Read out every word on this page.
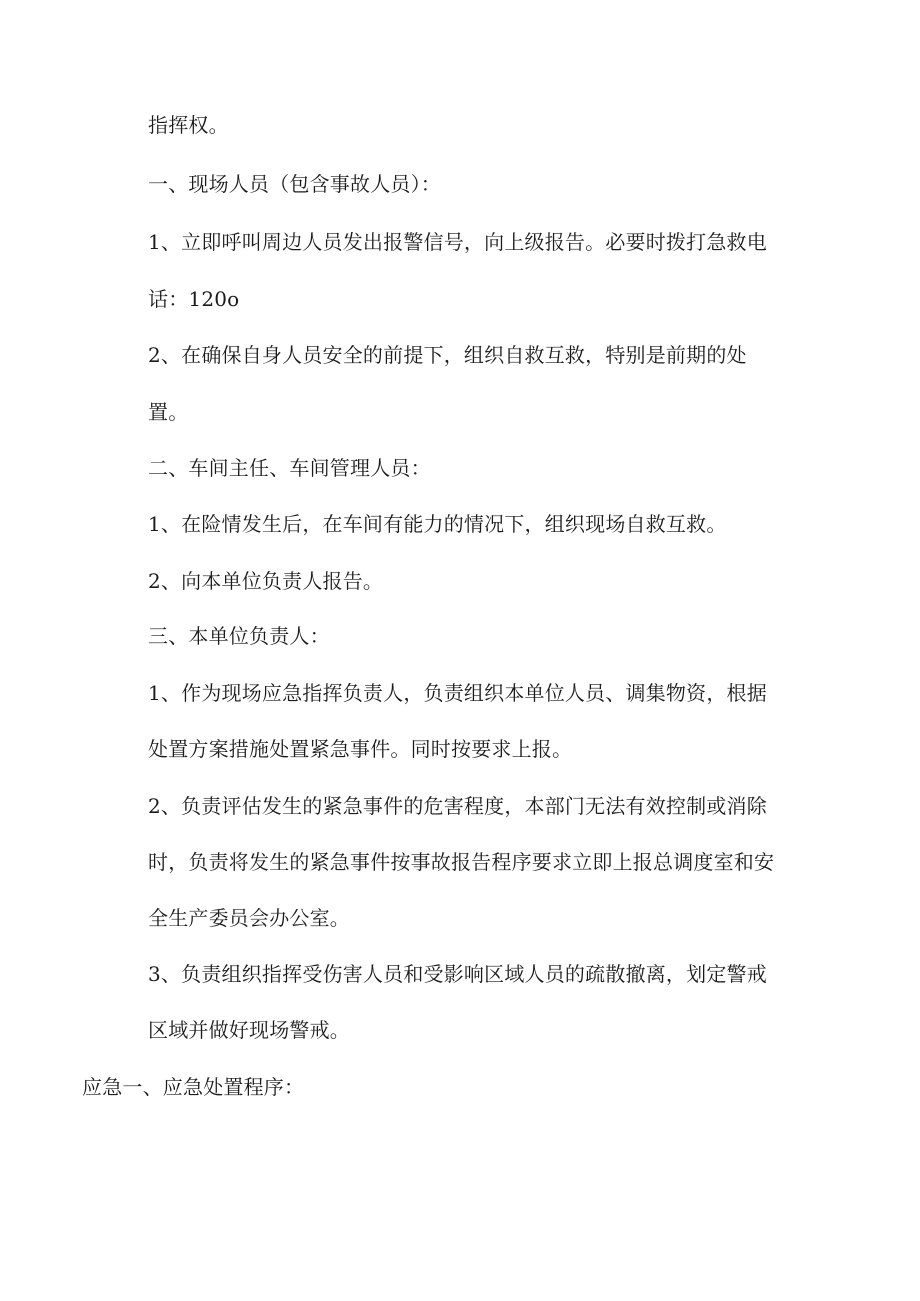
指挥权。
一、现场人员（包含事故人员）：
1、立即呼叫周边人员发出报警信号，向上级报告。必要时拨打急救电
话：120o
2、在确保自身人员安全的前提下，组织自救互救，特别是前期的处
置。
二、车间主任、车间管理人员：
1、在险情发生后，在车间有能力的情况下，组织现场自救互救。
2、向本单位负责人报告。
三、本单位负责人：
1、作为现场应急指挥负责人，负责组织本单位人员、调集物资，根据
处置方案措施处置紧急事件。同时按要求上报。
2、负责评估发生的紧急事件的危害程度，本部门无法有效控制或消除
时，负责将发生的紧急事件按事故报告程序要求立即上报总调度室和安
全生产委员会办公室。
3、负责组织指挥受伤害人员和受影响区域人员的疏散撤离，划定警戒
区域并做好现场警戒。
应急一、应急处置程序：
